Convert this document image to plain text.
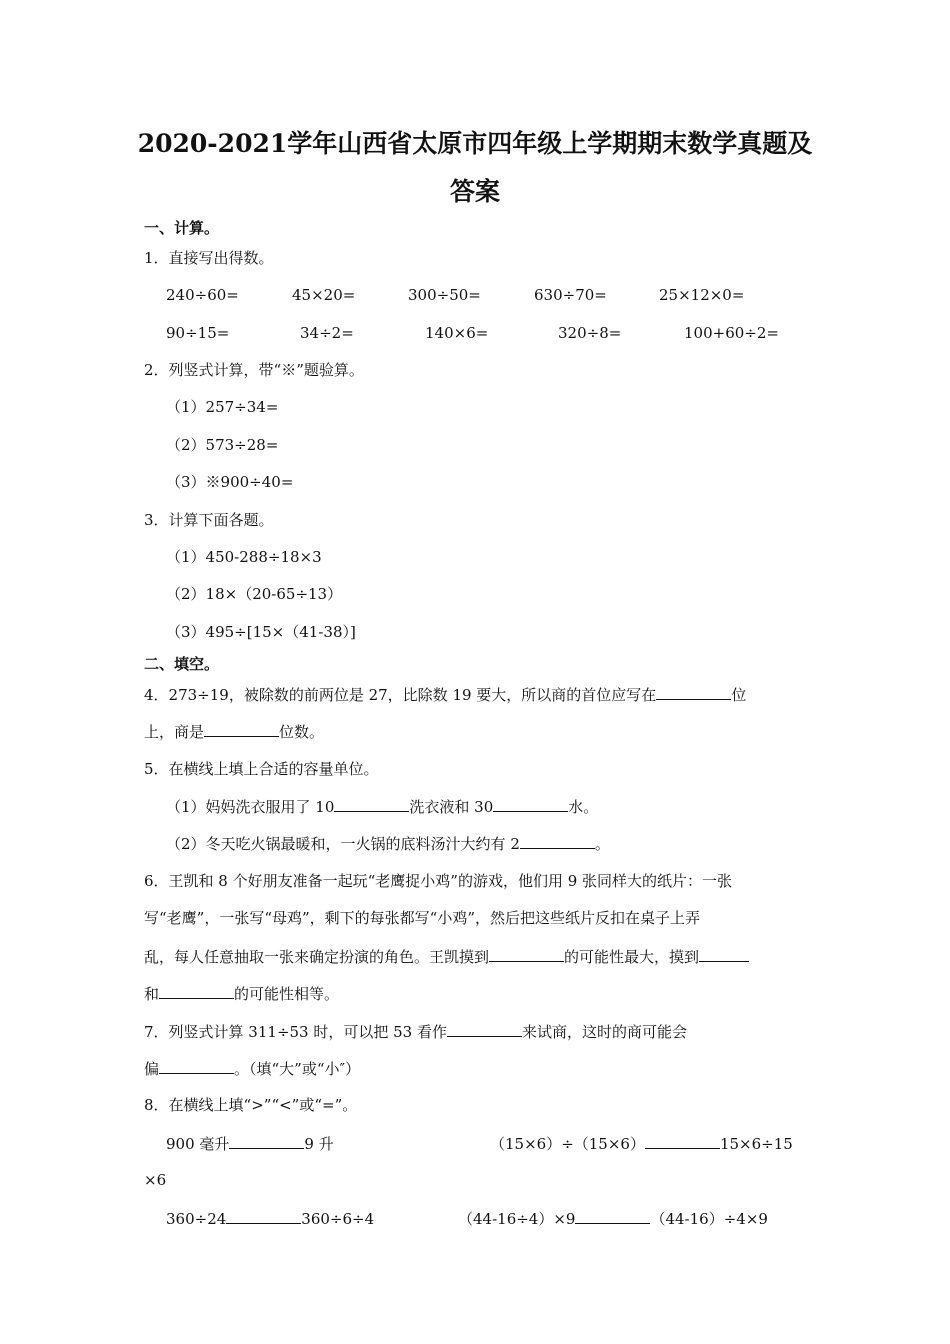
2020-2021学年山西省太原市四年级上学期期末数学真题及
答案
一、计算。
1．直接写出得数。
240÷60=	45×20=	300÷50=	630÷70=	25×12×0=
90÷15=	34÷2=	140×6=	320÷8=	100+60÷2=
2．列竖式计算，带“※”题验算。
（1）257÷34=
（2）573÷28=
（3）※900÷40=
3．计算下面各题。
（1）450-288÷18×3
（2）18×（20-65÷13）
（3）495÷[15×（41-38）]
二、填空。
4．273÷19，被除数的前两位是 27，比除数 19 要大，所以商的首位应写在	位
上，商是	位数。
5．在横线上填上合适的容量单位。
（1）妈妈洗衣服用了 10	洗衣液和 30	水。
（2）冬天吃火锅最暖和，一火锅的底料汤汁大约有 2	。
6．王凯和 8 个好朋友准备一起玩“老鹰捉小鸡”的游戏，他们用 9 张同样大的纸片：一张
写“老鹰”，一张写“母鸡”，剩下的每张都写“小鸡”，然后把这些纸片反扣在桌子上弄
乱，每人任意抽取一张来确定扮演的角色。王凯摸到	的可能性最大，摸到
和	的可能性相等。
7．列竖式计算 311÷53 时，可以把 53 看作	来试商，这时的商可能会
偏	。（填“大”或“小″）
8．在横线上填“>”“<”或“=”。
900 毫升	9 升	（15×6）÷（15×6）	15×6÷15
×6
360÷24	360÷6÷4	（44-16÷4）×9	（44-16）÷4×9
